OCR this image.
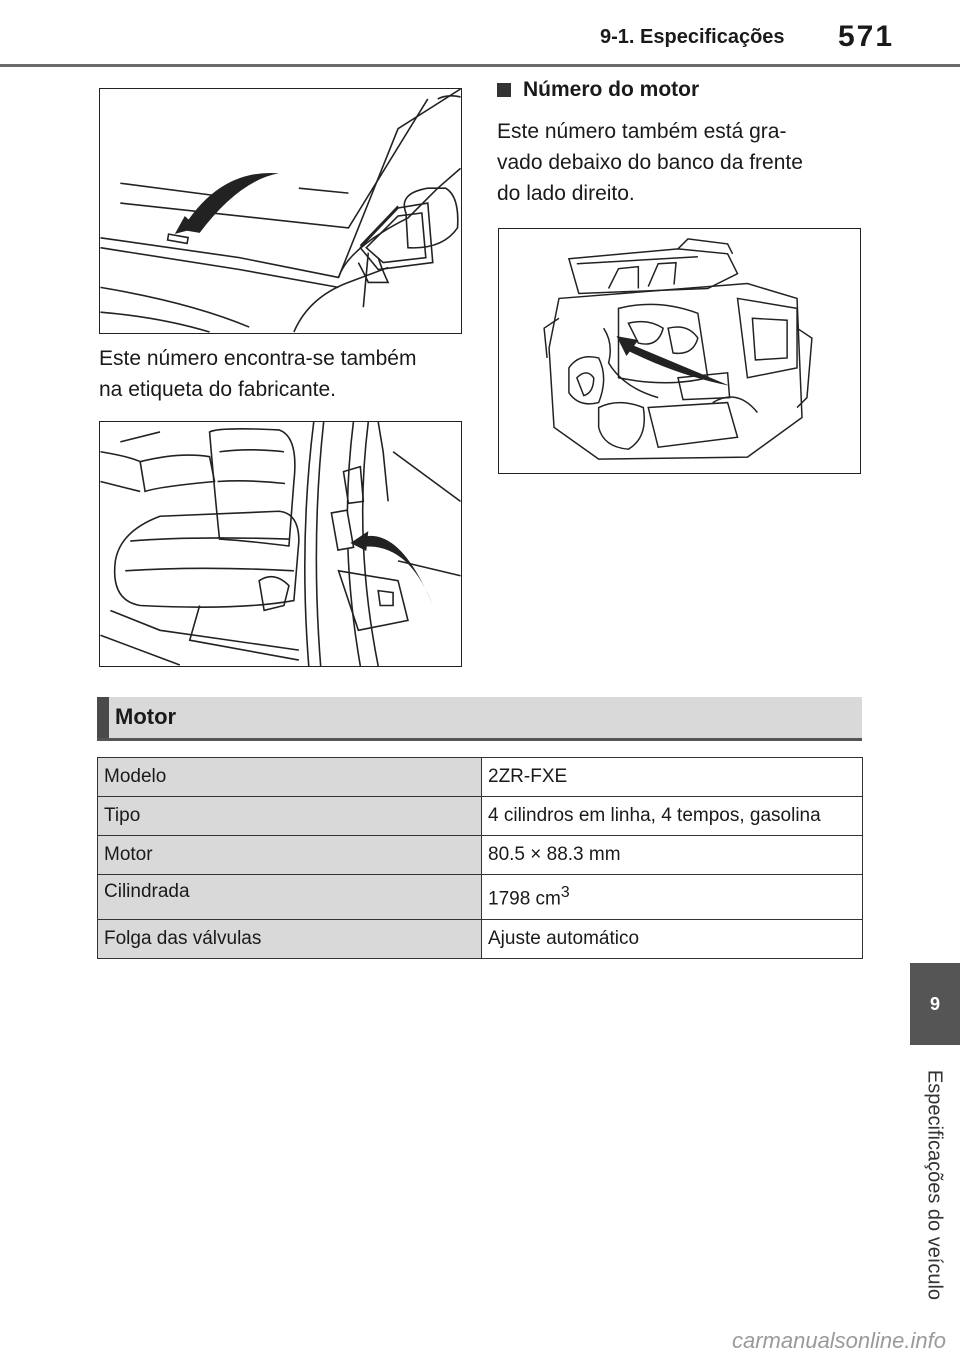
9-1. Especificações 571
Este número encontra-se também
na etiqueta do fabricante.
Número do motor
Este número também está gra-
vado debaixo do banco da frente
do lado direito.
Motor
Modelo	2ZR-FXE
Tipo	4 cilindros em linha, 4 tempos, gasolina
Motor	80.5 × 88.3 mm
Cilindrada	1798 $cm^3$
Folga das válvulas	Ajuste automático
9
Especificações do veículo
carmanualsonline.info
